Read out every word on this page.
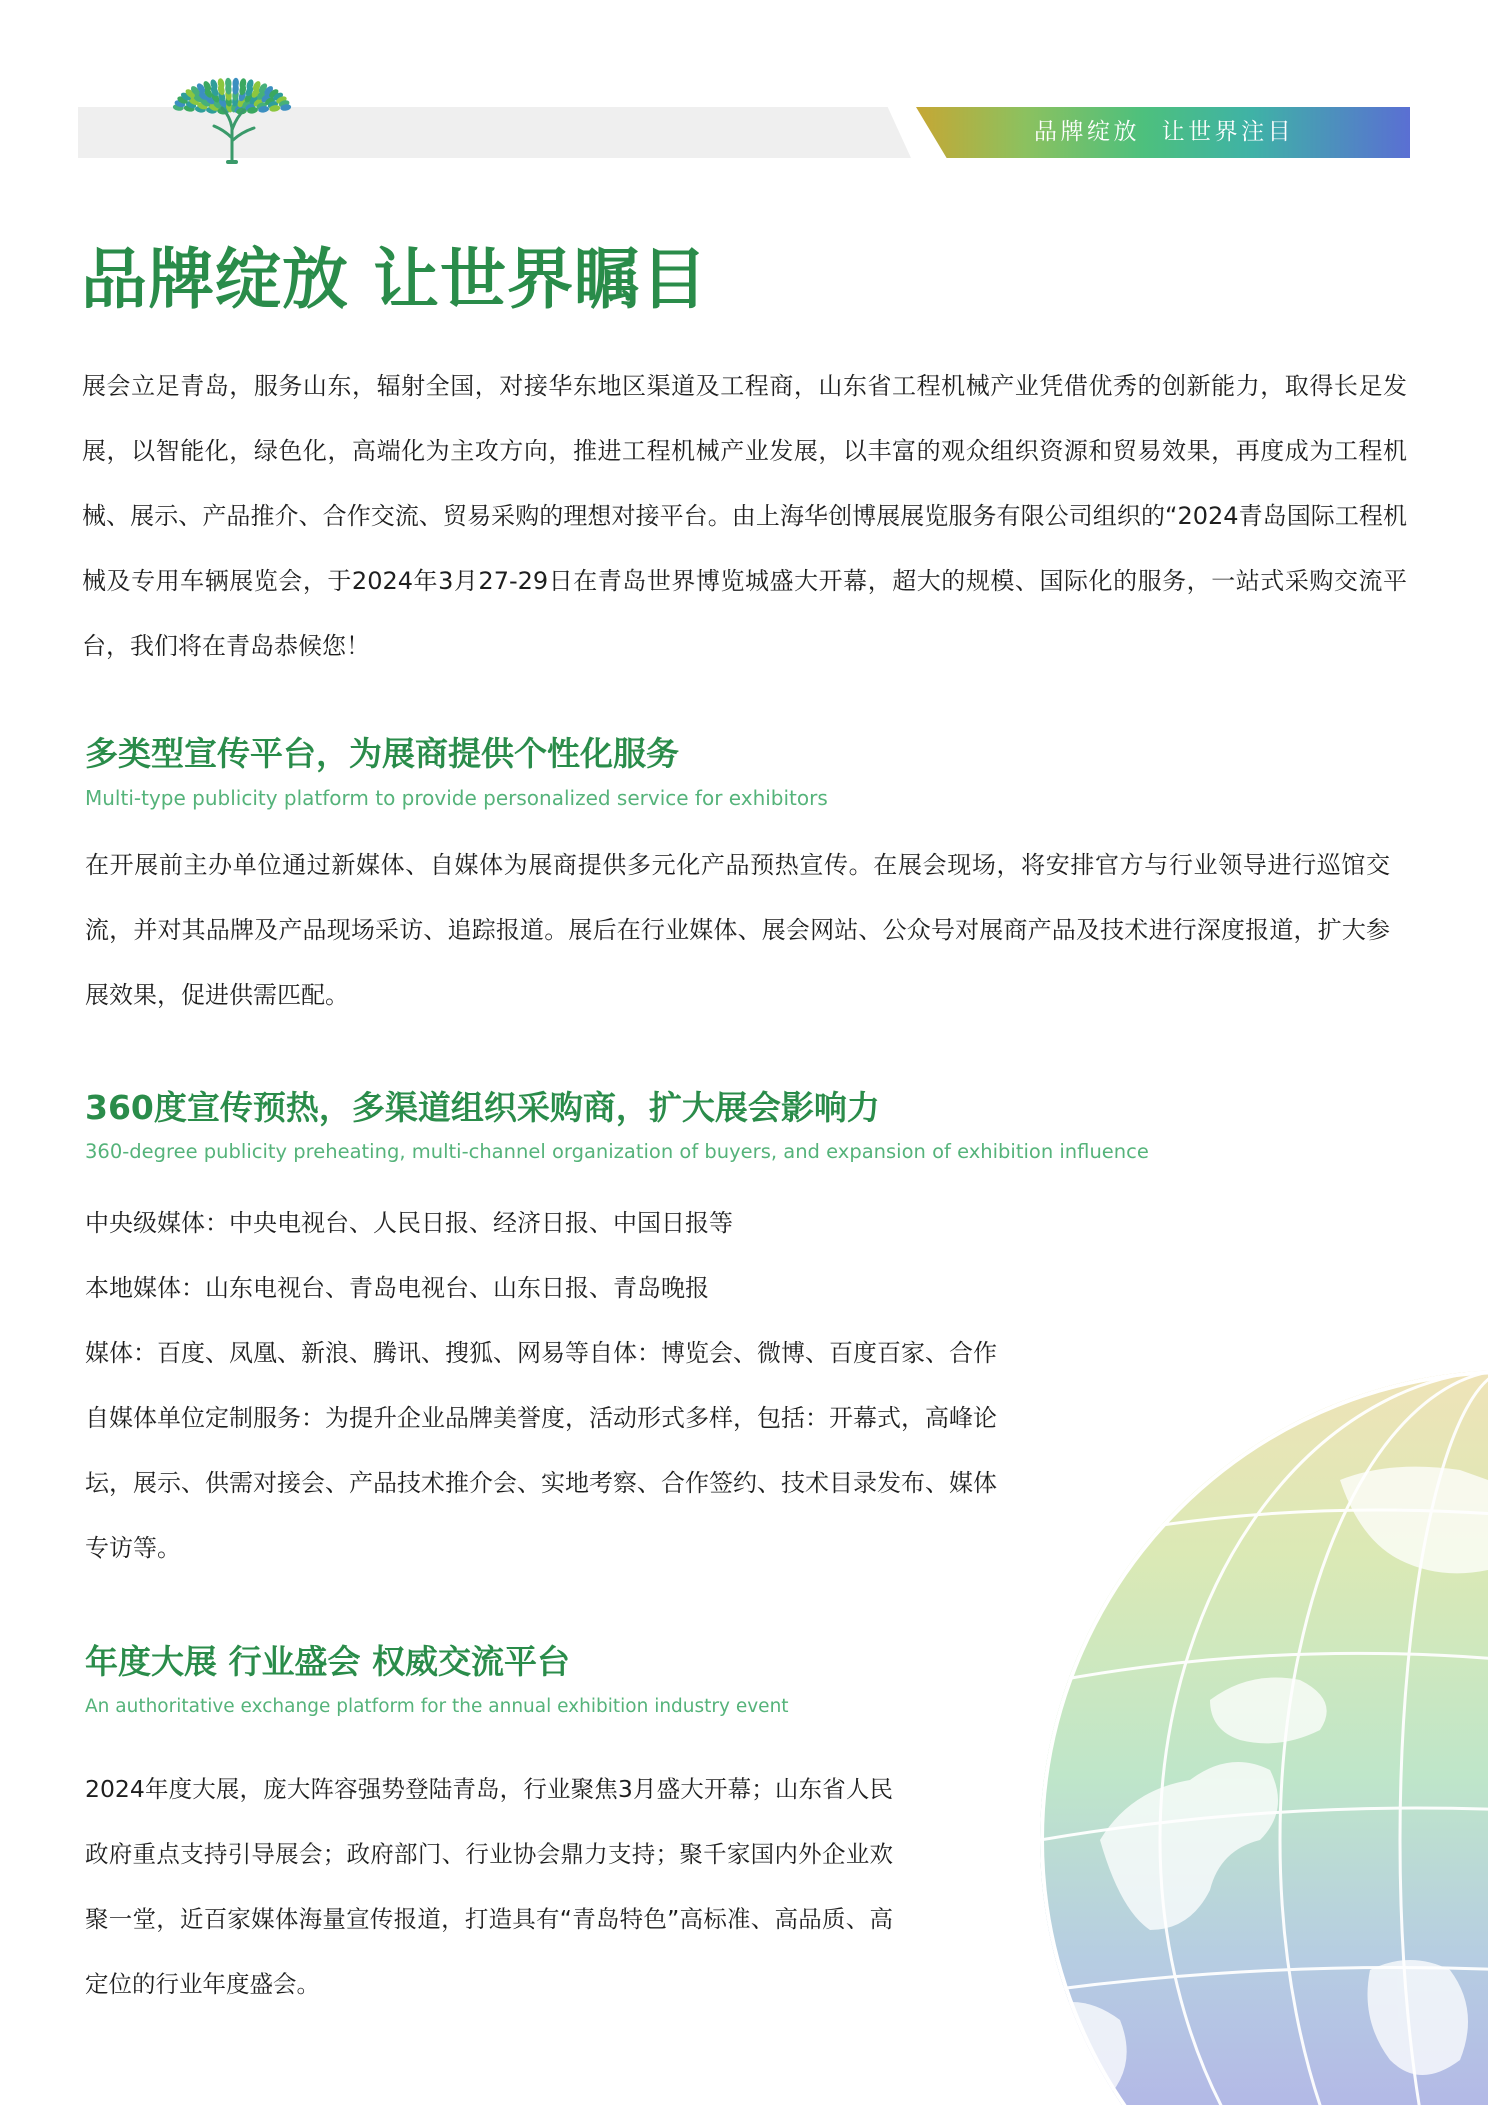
品牌绽放  让世界注目
品牌绽放 让世界瞩目

展会立足青岛，服务山东，辐射全国，对接华东地区渠道及工程商，山东省工程机械产业凭借优秀的创新能力，取得长足发展，以智能化，绿色化，高端化为主攻方向，推进工程机械产业发展，以丰富的观众组织资源和贸易效果，再度成为工程机械、展示、产品推介、合作交流、贸易采购的理想对接平台。由上海华创博展展览服务有限公司组织的“2024青岛国际工程机械及专用车辆展览会，于2024年3月27-29日在青岛世界博览城盛大开幕，超大的规模、国际化的服务，一站式采购交流平台，我们将在青岛恭候您！

多类型宣传平台，为展商提供个性化服务

Multi-type publicity platform to provide personalized service for exhibitors

在开展前主办单位通过新媒体、自媒体为展商提供多元化产品预热宣传。在展会现场，将安排官方与行业领导进行巡馆交流，并对其品牌及产品现场采访、追踪报道。展后在行业媒体、展会网站、公众号对展商产品及技术进行深度报道，扩大参展效果，促进供需匹配。

360度宣传预热，多渠道组织采购商，扩大展会影响力

360-degree publicity preheating, multi-channel organization of buyers, and expansion of exhibition influence

中央级媒体：中央电视台、人民日报、经济日报、中国日报等

本地媒体：山东电视台、青岛电视台、山东日报、青岛晚报

媒体：百度、凤凰、新浪、腾讯、搜狐、网易等自体：博览会、微博、百度百家、合作

自媒体单位定制服务：为提升企业品牌美誉度，活动形式多样，包括：开幕式，高峰论

坛，展示、供需对接会、产品技术推介会、实地考察、合作签约、技术目录发布、媒体

专访等。

年度大展 行业盛会 权威交流平台

An authoritative exchange platform for the annual exhibition industry event

2024年度大展，庞大阵容强势登陆青岛，行业聚焦3月盛大开幕；山东省人民政府重点支持引导展会；政府部门、行业协会鼎力支持；聚千家国内外企业欢聚一堂，近百家媒体海量宣传报道，打造具有“青岛特色”高标准、高品质、高定位的行业年度盛会。
